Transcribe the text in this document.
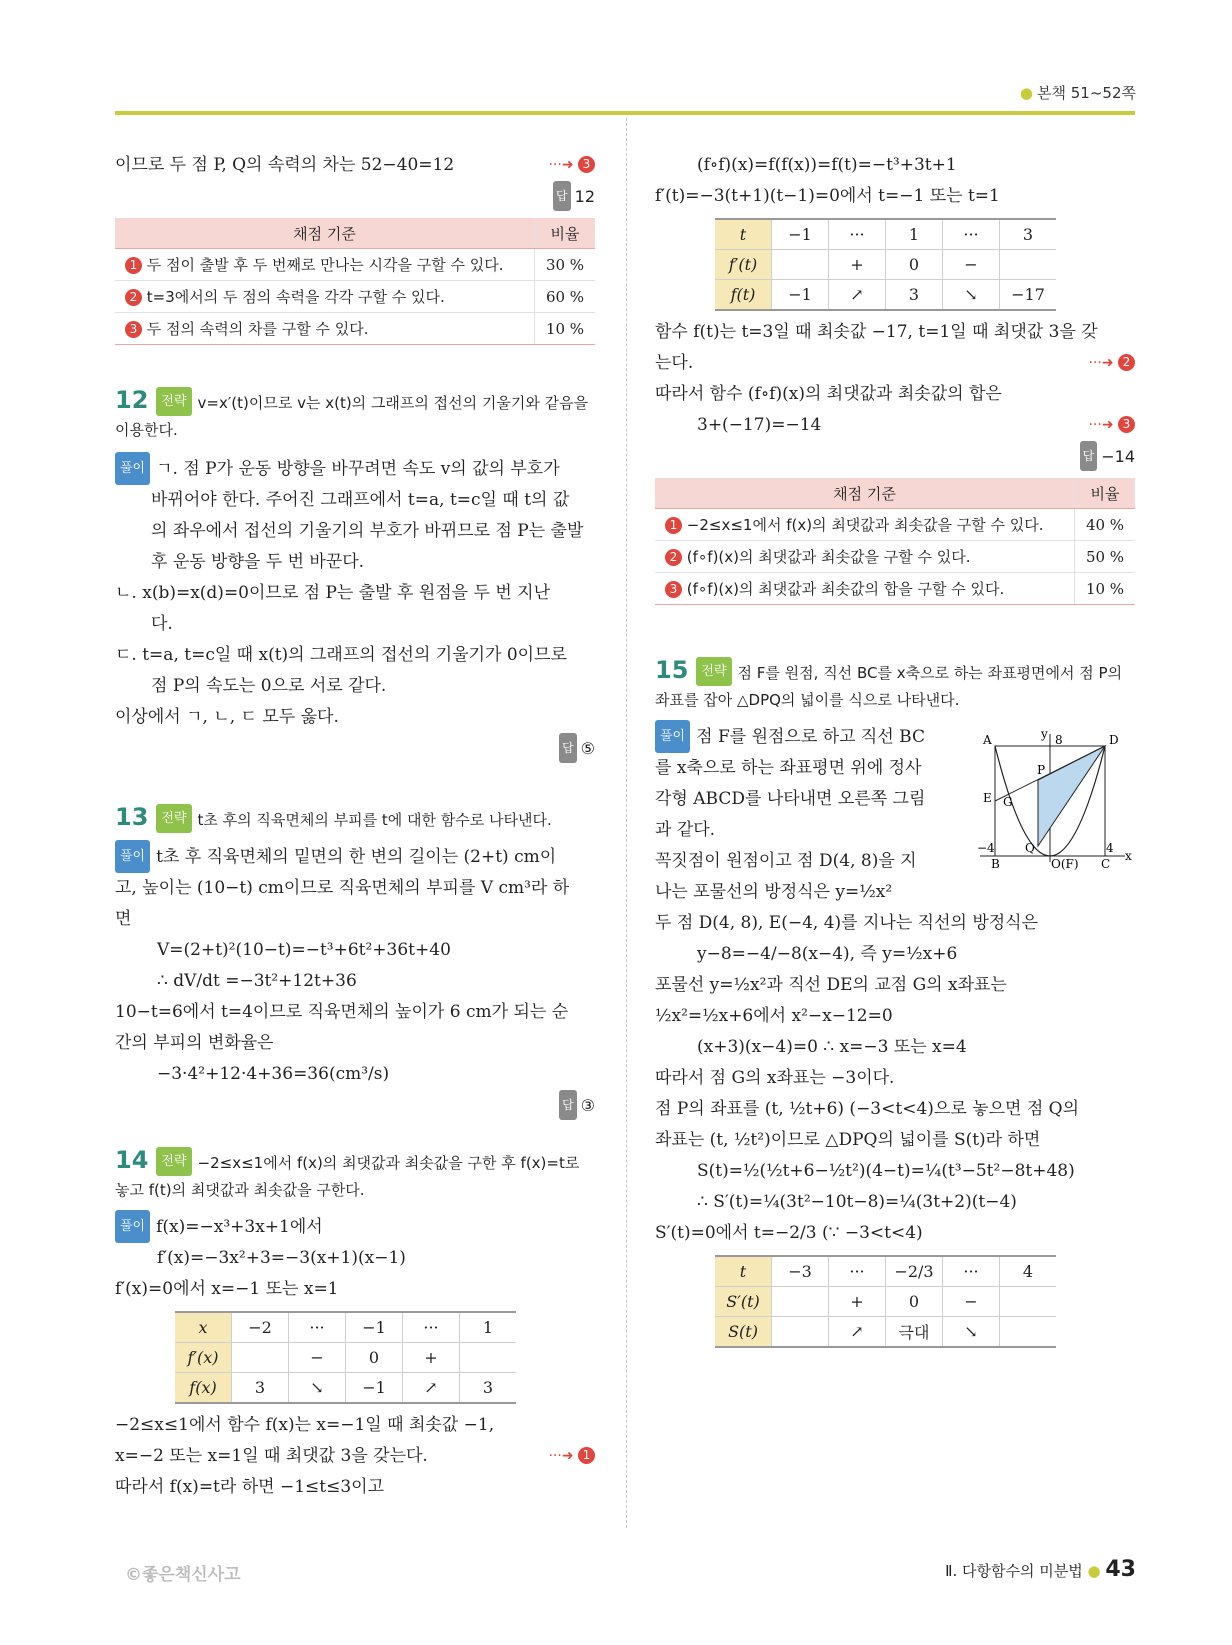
● 본책 51~52쪽

이므로 두 점 P, Q의 속력의 차는 52−40=12	···➜ 3

답 12
채점 기준	비율
1 두 점이 출발 후 두 번째로 만나는 시각을 구할 수 있다.	30 %
2 t=3에서의 두 점의 속력을 각각 구할 수 있다.	60 %
3 두 점의 속력의 차를 구할 수 있다.	10 %
12 전략 v=x′(t)이므로 v는 x(t)의 그래프의 접선의 기울기와 같음을 이용한다.

풀이 ㄱ. 점 P가 운동 방향을 바꾸려면 속도 v의 값의 부호가

바뀌어야 한다. 주어진 그래프에서 t=a, t=c일 때 t의 값

의 좌우에서 접선의 기울기의 부호가 바뀌므로 점 P는 출발

후 운동 방향을 두 번 바꾼다.

ㄴ. x(b)=x(d)=0이므로 점 P는 출발 후 원점을 두 번 지난

다.

ㄷ. t=a, t=c일 때 x(t)의 그래프의 접선의 기울기가 0이므로

점 P의 속도는 0으로 서로 같다.

이상에서 ㄱ, ㄴ, ㄷ 모두 옳다.

답 ⑤
13 전략 t초 후의 직육면체의 부피를 t에 대한 함수로 나타낸다.

풀이 t초 후 직육면체의 밑면의 한 변의 길이는 (2+t) cm이

고, 높이는 (10−t) cm이므로 직육면체의 부피를 V cm³라 하

면

V=(2+t)²(10−t)=−t³+6t²+36t+40

∴ dV/dt =−3t²+12t+36

10−t=6에서 t=4이므로 직육면체의 높이가 6 cm가 되는 순

간의 부피의 변화율은

−3·4²+12·4+36=36(cm³/s)

답 ③
14 전략 −2≤x≤1에서 f(x)의 최댓값과 최솟값을 구한 후 f(x)=t로 놓고 f(t)의 최댓값과 최솟값을 구한다.

풀이 f(x)=−x³+3x+1에서

f′(x)=−3x²+3=−3(x+1)(x−1)

f′(x)=0에서 x=−1 또는 x=1

x	−2	···	−1	···	1
f′(x)		−	0	+	
f(x)	3	↘	−1	↗	3

−2≤x≤1에서 함수 f(x)는 x=−1일 때 최솟값 −1,

x=−2 또는 x=1일 때 최댓값 3을 갖는다.	···➜ 1

따라서 f(x)=t라 하면 −1≤t≤3이고

(f∘f)(x)=f(f(x))=f(t)=−t³+3t+1

f′(t)=−3(t+1)(t−1)=0에서 t=−1 또는 t=1

t	−1	···	1	···	3
f′(t)		+	0	−	
f(t)	−1	↗	3	↘	−17

함수 f(t)는 t=3일 때 최솟값 −17, t=1일 때 최댓값 3을 갖

는다.	···➜ 2

따라서 함수 (f∘f)(x)의 최댓값과 최솟값의 합은

3+(−17)=−14	···➜ 3

답 −14
채점 기준	비율
1 −2≤x≤1에서 f(x)의 최댓값과 최솟값을 구할 수 있다.	40 %
2 (f∘f)(x)의 최댓값과 최솟값을 구할 수 있다.	50 %
3 (f∘f)(x)의 최댓값과 최솟값의 합을 구할 수 있다.	10 %
15 전략 점 F를 원점, 직선 BC를 x축으로 하는 좌표평면에서 점 P의 좌표를 잡아 △DPQ의 넓이를 식으로 나타낸다.

풀이 점 F를 원점으로 하고 직선 BC

를 x축으로 하는 좌표평면 위에 정사

각형 ABCD를 나타내면 오른쪽 그림

과 같다.

꼭짓점이 원점이고 점 D(4, 8)을 지

나는 포물선의 방정식은 y=½x²

A	D
E G
P
Q
B	O(F) C
y 8
x
−4	4

두 점 D(4, 8), E(−4, 4)를 지나는 직선의 방정식은

y−8=−4/−8(x−4), 즉 y=½x+6

포물선 y=½x²과 직선 DE의 교점 G의 x좌표는

½x²=½x+6에서 x²−x−12=0

(x+3)(x−4)=0 ∴ x=−3 또는 x=4

따라서 점 G의 x좌표는 −3이다.

점 P의 좌표를 (t, ½t+6) (−3<t<4)으로 놓으면 점 Q의

좌표는 (t, ½t²)이므로 △DPQ의 넓이를 S(t)라 하면

S(t)=½(½t+6−½t²)(4−t)=¼(t³−5t²−8t+48)

∴ S′(t)=¼(3t²−10t−8)=¼(3t+2)(t−4)

S′(t)=0에서 t=−2/3 (∵ −3<t<4)

t	−3	···	−2/3	···	4
S′(t)		+	0	−	
S(t)		↗	극대	↘	
©좋은책신사고	Ⅱ. 다항함수의 미분법 ● 43
